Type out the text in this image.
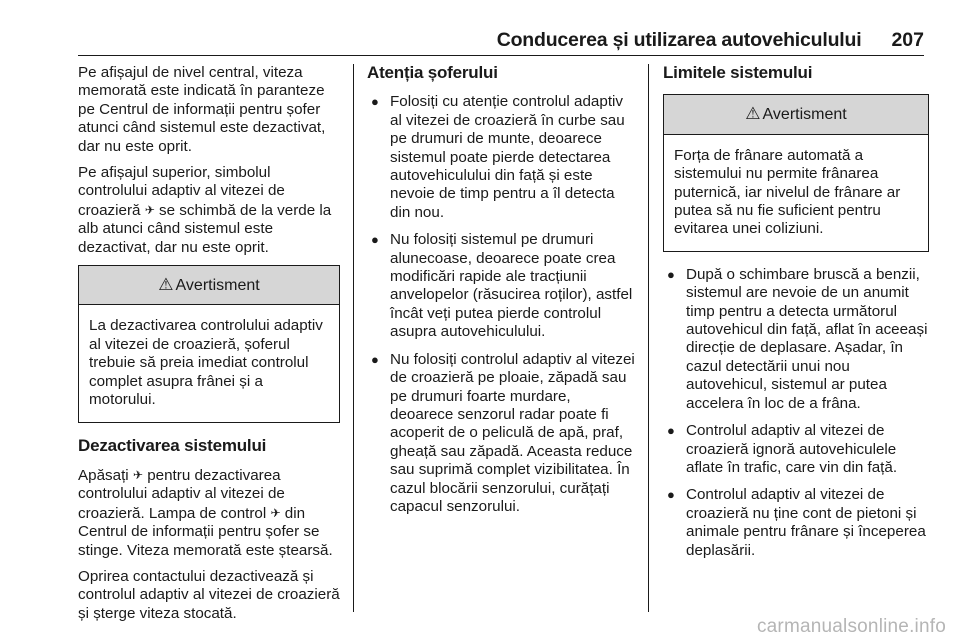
Conducerea și utilizarea autovehiculului 207

Pe afișajul de nivel central, viteza memorată este indicată în paranteze pe Centrul de informații pentru șofer atunci când sistemul este dezactivat, dar nu este oprit.

Pe afișajul superior, simbolul controlului adaptiv al vitezei de croazieră ✈ se schimbă de la verde la alb atunci când sistemul este dezactivat, dar nu este oprit.

⚠ Avertisment
La dezactivarea controlului adaptiv al vitezei de croazieră, șoferul trebuie să preia imediat controlul complet asupra frânei și a motorului.
Dezactivarea sistemului

Apăsați ✈ pentru dezactivarea controlului adaptiv al vitezei de croazieră. Lampa de control ✈ din Centrul de informații pentru șofer se stinge. Viteza memorată este ștearsă.

Oprirea contactului dezactivează și controlul adaptiv al vitezei de croazieră și șterge viteza stocată.

Atenția șoferului
● Folosiți cu atenție controlul adaptiv al vitezei de croazieră în curbe sau pe drumuri de munte, deoarece sistemul poate pierde detectarea autovehiculului din față și este nevoie de timp pentru a îl detecta din nou.
● Nu folosiți sistemul pe drumuri alunecoase, deoarece poate crea modificări rapide ale tracțiunii anvelopelor (răsucirea roților), astfel încât veți putea pierde controlul asupra autovehiculului.
● Nu folosiți controlul adaptiv al vitezei de croazieră pe ploaie, zăpadă sau pe drumuri foarte murdare, deoarece senzorul radar poate fi acoperit de o peliculă de apă, praf, gheață sau zăpadă. Aceasta reduce sau suprimă complet vizibilitatea. În cazul blocării senzorului, curățați capacul senzorului.
Limitele sistemului
⚠ Avertisment
Forța de frânare automată a sistemului nu permite frânarea puternică, iar nivelul de frânare ar putea să nu fie suficient pentru evitarea unei coliziuni.
● După o schimbare bruscă a benzii, sistemul are nevoie de un anumit timp pentru a detecta următorul autovehicul din față, aflat în aceeași direcție de deplasare. Așadar, în cazul detectării unui nou autovehicul, sistemul ar putea accelera în loc de a frâna.
● Controlul adaptiv al vitezei de croazieră ignoră autovehiculele aflate în trafic, care vin din față.
● Controlul adaptiv al vitezei de croazieră nu ține cont de pietoni și animale pentru frânare și începerea deplasării.
carmanualsonline.info
